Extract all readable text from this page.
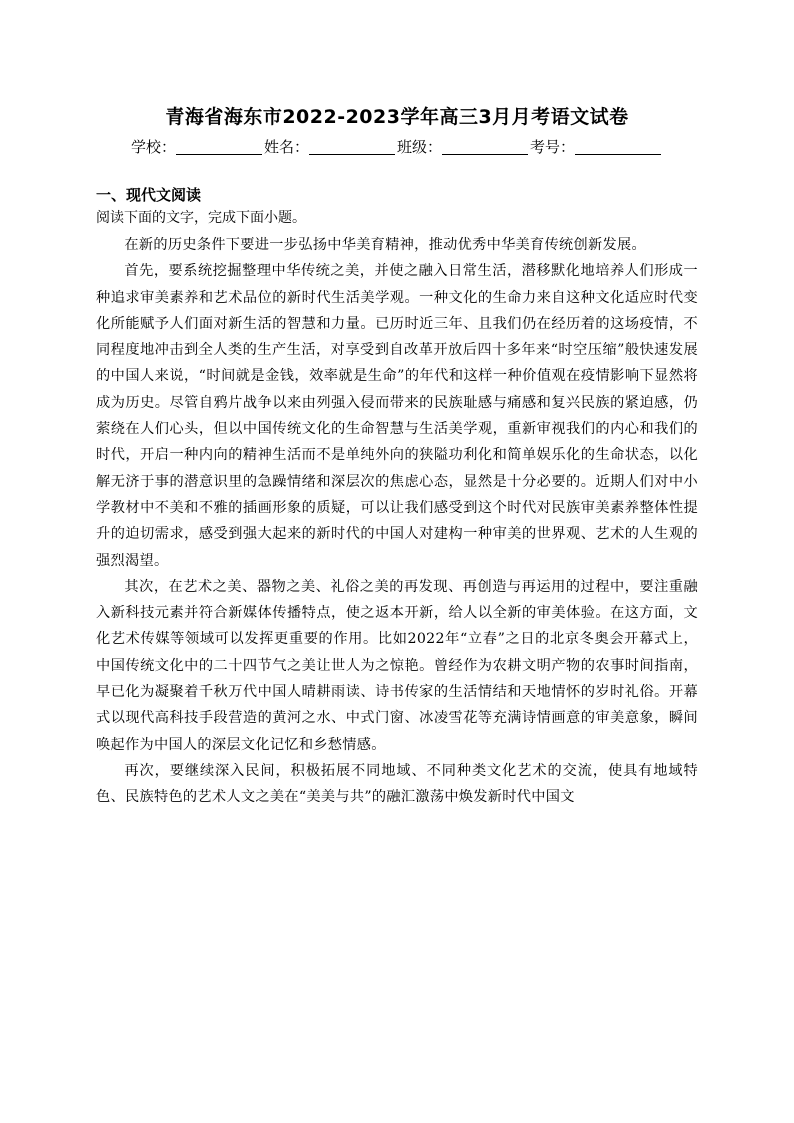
青海省海东市2022-2023学年高三3月月考语文试卷
学校：	姓名：	班级：	考号：
一、现代文阅读
阅读下面的文字，完成下面小题。

在新的历史条件下要进一步弘扬中华美育精神，推动优秀中华美育传统创新发展。

首先，要系统挖掘整理中华传统之美，并使之融入日常生活，潜移默化地培养人们形成一种追求审美素养和艺术品位的新时代生活美学观。一种文化的生命力来自这种文化适应时代变化所能赋予人们面对新生活的智慧和力量。已历时近三年、且我们仍在经历着的这场疫情，不同程度地冲击到全人类的生产生活，对享受到自改革开放后四十多年来“时空压缩”般快速发展的中国人来说，“时间就是金钱，效率就是生命”的年代和这样一种价值观在疫情影响下显然将成为历史。尽管自鸦片战争以来由列强入侵而带来的民族耻感与痛感和复兴民族的紧迫感，仍萦绕在人们心头，但以中国传统文化的生命智慧与生活美学观，重新审视我们的内心和我们的时代，开启一种内向的精神生活而不是单纯外向的狭隘功利化和简单娱乐化的生命状态，以化解无济于事的潜意识里的急躁情绪和深层次的焦虑心态，显然是十分必要的。近期人们对中小学教材中不美和不雅的插画形象的质疑，可以让我们感受到这个时代对民族审美素养整体性提升的迫切需求，感受到强大起来的新时代的中国人对建构一种审美的世界观、艺术的人生观的强烈渴望。

其次，在艺术之美、器物之美、礼俗之美的再发现、再创造与再运用的过程中，要注重融入新科技元素并符合新媒体传播特点，使之返本开新，给人以全新的审美体验。在这方面，文化艺术传媒等领域可以发挥更重要的作用。比如2022年“立春”之日的北京冬奥会开幕式上，中国传统文化中的二十四节气之美让世人为之惊艳。曾经作为农耕文明产物的农事时间指南，早已化为凝聚着千秋万代中国人晴耕雨读、诗书传家的生活情结和天地情怀的岁时礼俗。开幕式以现代高科技手段营造的黄河之水、中式门窗、冰凌雪花等充满诗情画意的审美意象，瞬间唤起作为中国人的深层文化记忆和乡愁情感。

再次，要继续深入民间，积极拓展不同地域、不同种类文化艺术的交流，使具有地域特色、民族特色的艺术人文之美在“美美与共”的融汇激荡中焕发新时代中国文
